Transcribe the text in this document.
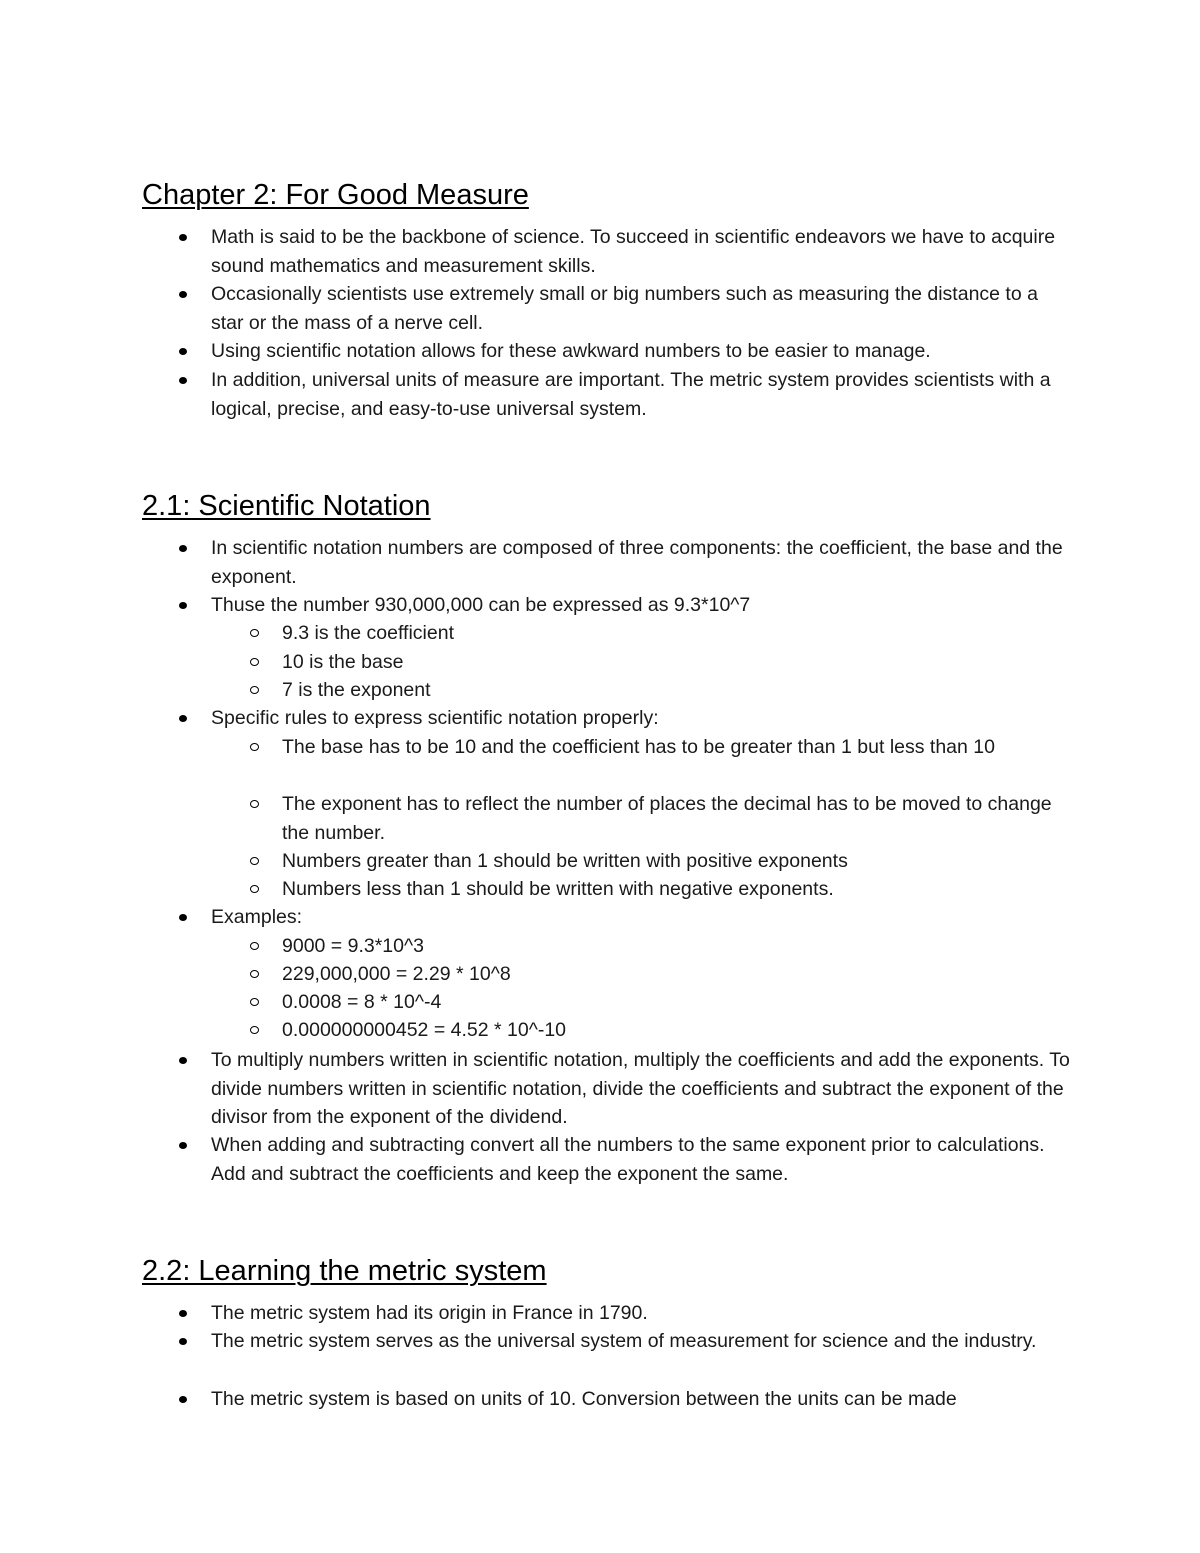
Chapter 2: For Good Measure
Math is said to be the backbone of science. To succeed in scientific endeavors we have to acquire sound mathematics and measurement skills.
Occasionally scientists use extremely small or big numbers such as measuring the distance to a star or the mass of a nerve cell.
Using scientific notation allows for these awkward numbers to be easier to manage.
In addition, universal units of measure are important. The metric system provides scientists with a logical, precise, and easy-to-use universal system.
2.1: Scientific Notation
In scientific notation numbers are composed of three components: the coefficient, the base and the exponent.
Thuse the number 930,000,000 can be expressed as 9.3*10^7
9.3 is the coefficient
10 is the base
7 is the exponent
Specific rules to express scientific notation properly:
The base has to be 10 and the coefficient has to be greater than 1 but less than 10
The exponent has to reflect the number of places the decimal has to be moved to change the number.
Numbers greater than 1 should be written with positive exponents
Numbers less than 1 should be written with negative exponents.
Examples:
9000 = 9.3*10^3
229,000,000 = 2.29 * 10^8
0.0008 = 8 * 10^-4
0.000000000452 = 4.52 * 10^-10
To multiply numbers written in scientific notation, multiply the coefficients and add the exponents. To divide numbers written in scientific notation, divide the coefficients and subtract the exponent of the divisor from the exponent of the dividend.
When adding and subtracting convert all the numbers to the same exponent prior to calculations. Add and subtract the coefficients and keep the exponent the same.
2.2: Learning the metric system
The metric system had its origin in France in 1790.
The metric system serves as the universal system of measurement for science and the industry.
The metric system is based on units of 10. Conversion between the units can be made
